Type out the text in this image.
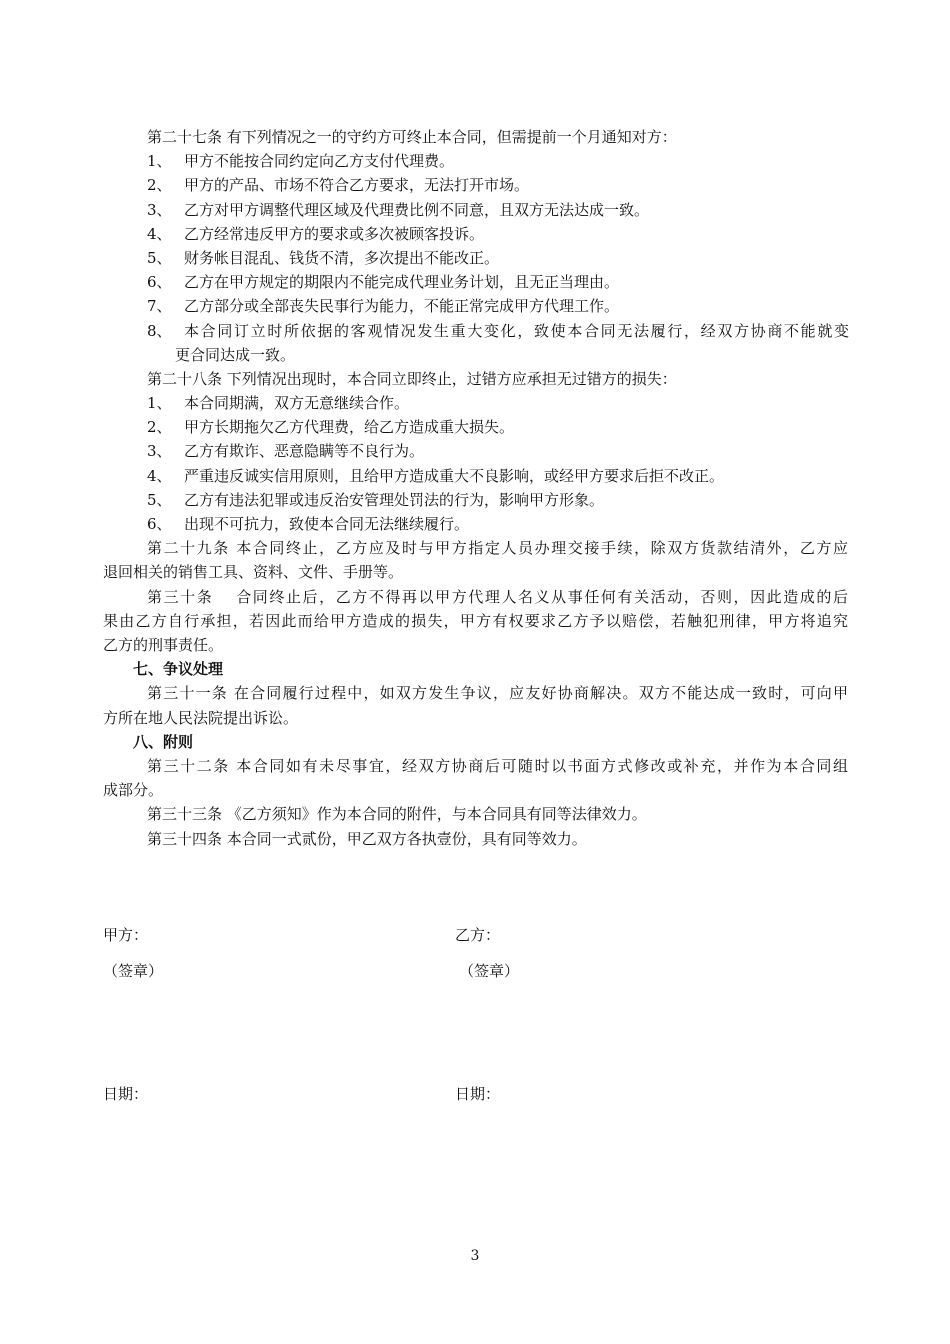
第二十七条 有下列情况之一的守约方可终止本合同，但需提前一个月通知对方：
1、 甲方不能按合同约定向乙方支付代理费。
2、 甲方的产品、市场不符合乙方要求，无法打开市场。
3、 乙方对甲方调整代理区域及代理费比例不同意，且双方无法达成一致。
4、 乙方经常违反甲方的要求或多次被顾客投诉。
5、 财务帐目混乱、钱货不清，多次提出不能改正。
6、 乙方在甲方规定的期限内不能完成代理业务计划，且无正当理由。
7、 乙方部分或全部丧失民事行为能力，不能正常完成甲方代理工作。
8、 本合同订立时所依据的客观情况发生重大变化，致使本合同无法履行，经双方协商不能就变
更合同达成一致。
第二十八条 下列情况出现时，本合同立即终止，过错方应承担无过错方的损失：
1、 本合同期满，双方无意继续合作。
2、 甲方长期拖欠乙方代理费，给乙方造成重大损失。
3、 乙方有欺诈、恶意隐瞒等不良行为。
4、 严重违反诚实信用原则，且给甲方造成重大不良影响，或经甲方要求后拒不改正。
5、 乙方有违法犯罪或违反治安管理处罚法的行为，影响甲方形象。
6、 出现不可抗力，致使本合同无法继续履行。
第二十九条 本合同终止，乙方应及时与甲方指定人员办理交接手续，除双方货款结清外，乙方应
退回相关的销售工具、资料、文件、手册等。
第三十条　 合同终止后，乙方不得再以甲方代理人名义从事任何有关活动，否则，因此造成的后
果由乙方自行承担，若因此而给甲方造成的损失，甲方有权要求乙方予以赔偿，若触犯刑律，甲方将追究
乙方的刑事责任。
七、争议处理
第三十一条 在合同履行过程中，如双方发生争议，应友好协商解决。双方不能达成一致时，可向甲
方所在地人民法院提出诉讼。
八、附则
第三十二条 本合同如有未尽事宜，经双方协商后可随时以书面方式修改或补充，并作为本合同组
成部分。
第三十三条 《乙方须知》作为本合同的附件，与本合同具有同等法律效力。
第三十四条 本合同一式贰份，甲乙双方各执壹份，具有同等效力。
甲方：	乙方：
（签章）	（签章）
日期：	日期：
3
